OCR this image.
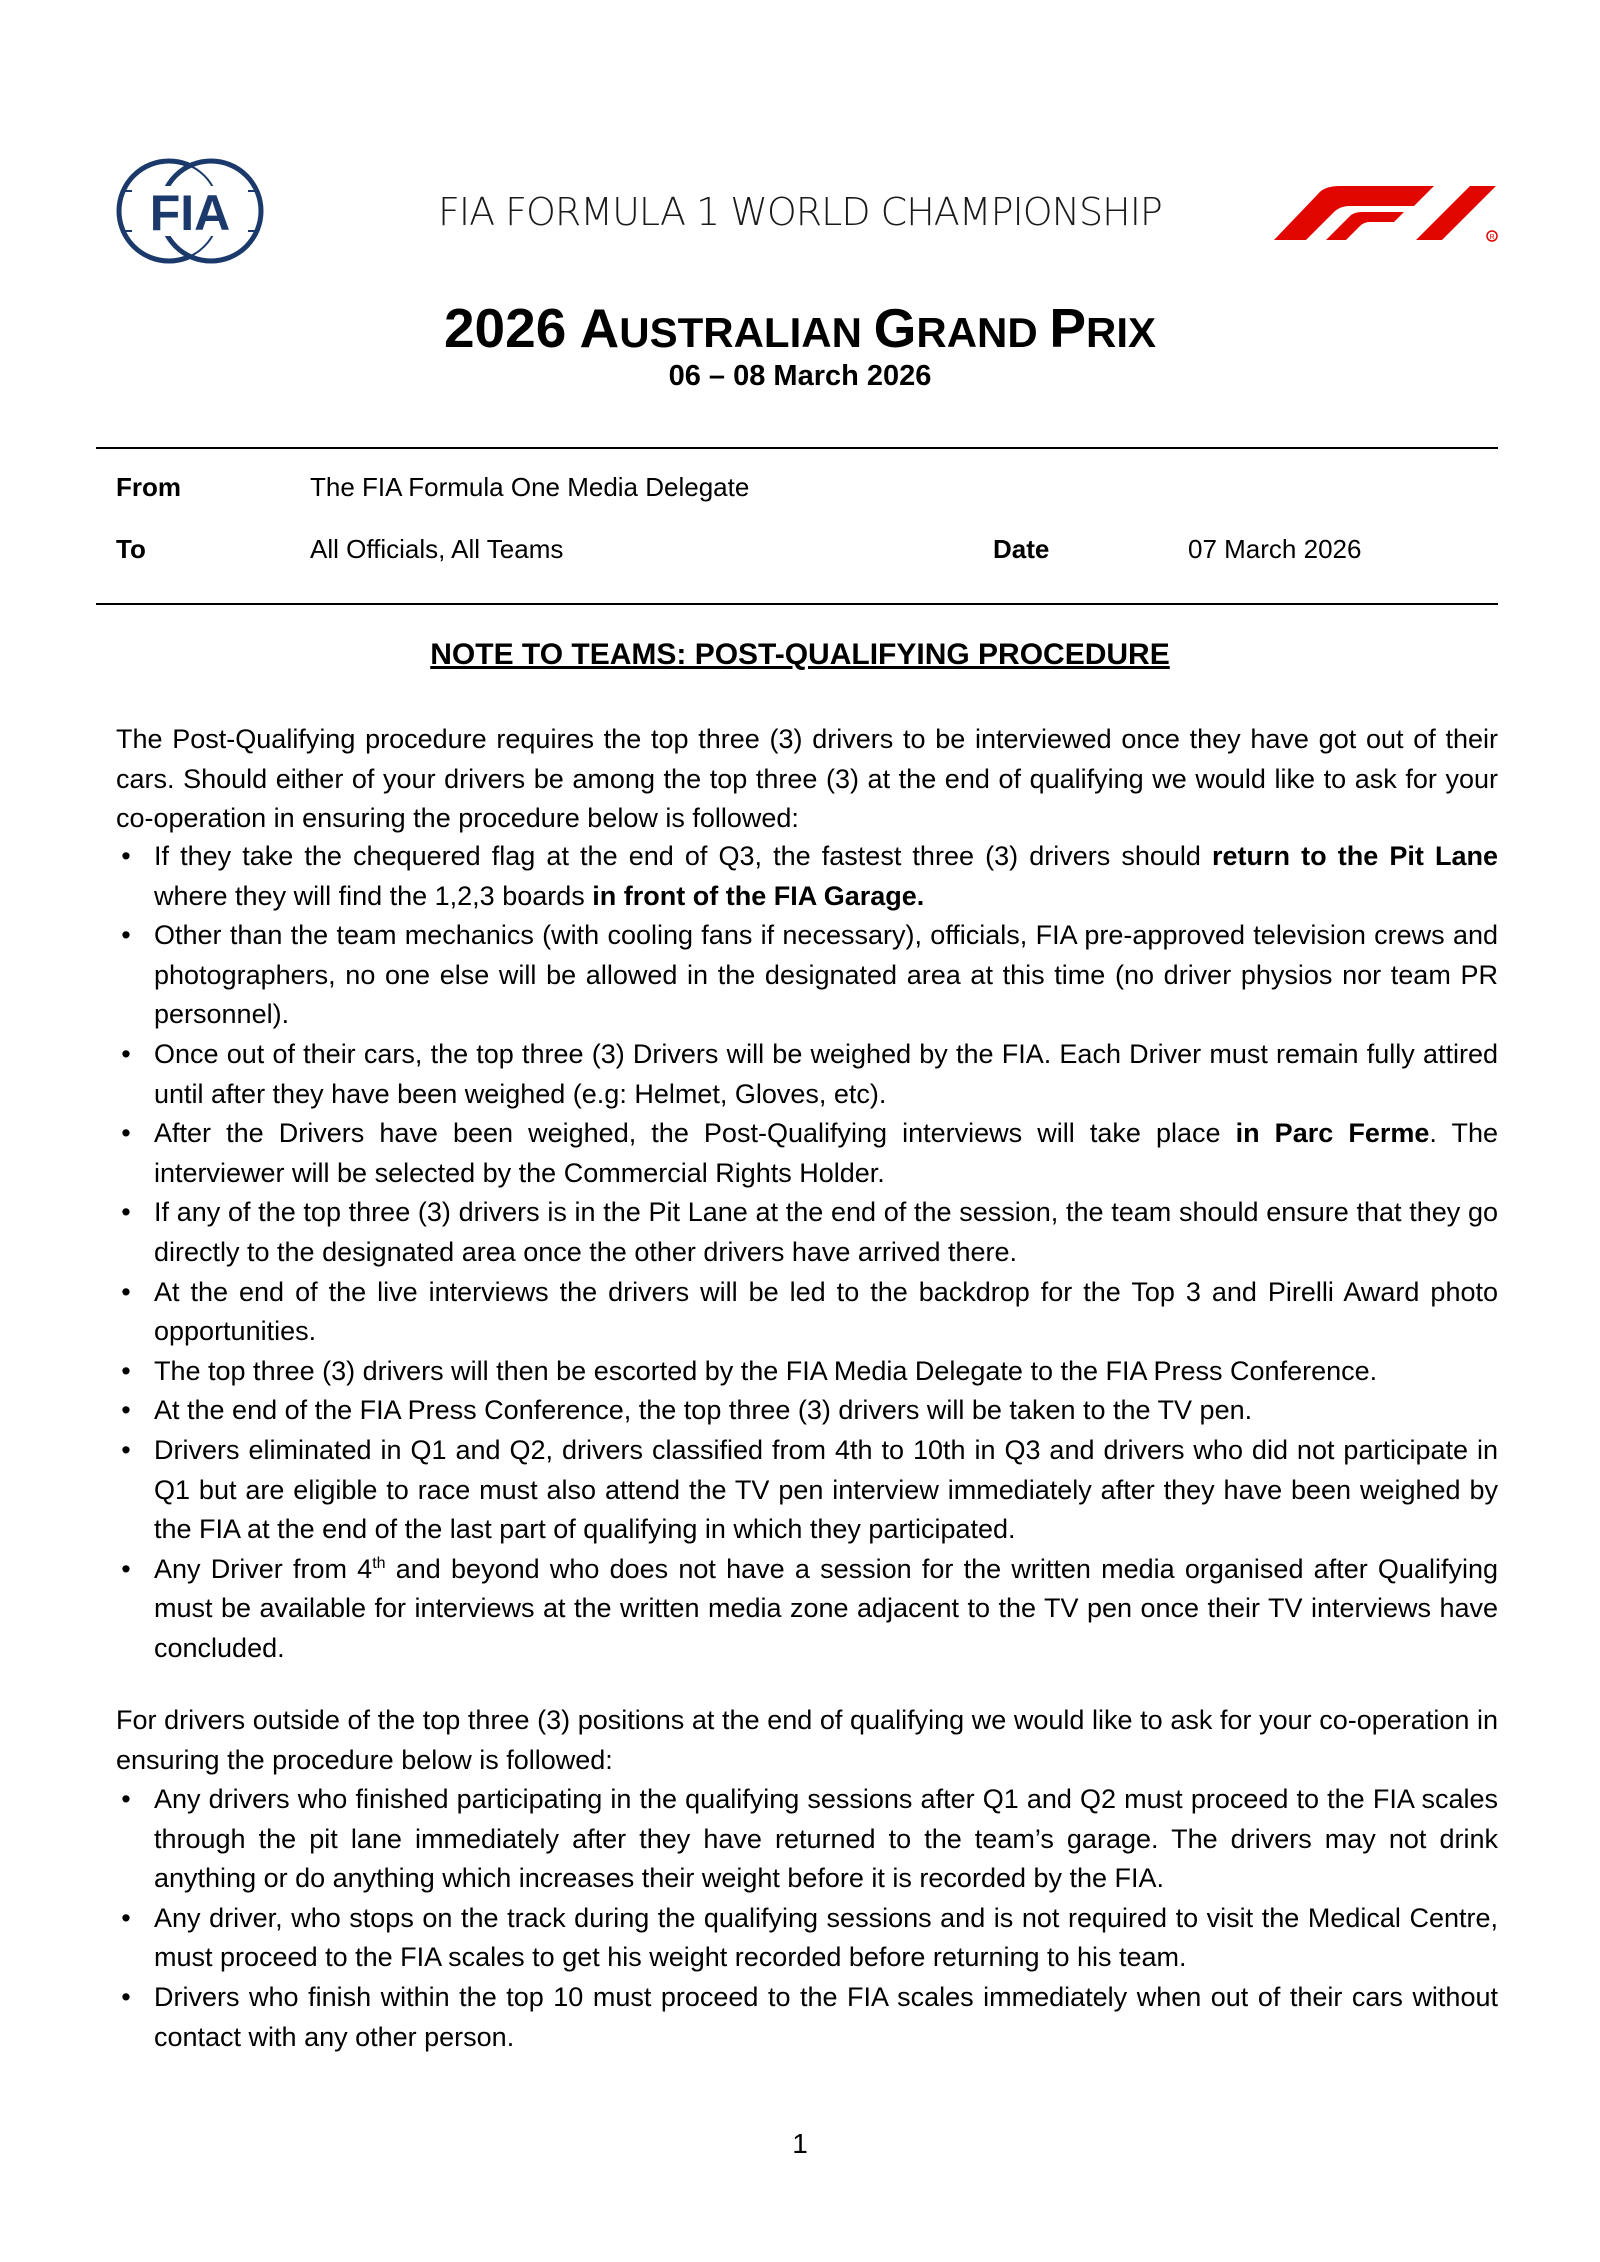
FIA	FIA FORMULA 1 WORLD CHAMPIONSHIP
R
2026 AUSTRALIAN GRAND PRIX
06 – 08 March 2026
From	The FIA Formula One Media Delegate
To	All Officials, All Teams	Date	07 March 2026
NOTE TO TEAMS: POST-QUALIFYING PROCEDURE
The Post-Qualifying procedure requires the top three (3) drivers to be interviewed once they have got out of their cars. Should either of your drivers be among the top three (3) at the end of qualifying we would like to ask for your co-operation in ensuring the procedure below is followed:
• If they take the chequered flag at the end of Q3, the fastest three (3) drivers should return to the Pit Lane where they will find the 1,2,3 boards in front of the FIA Garage.
• Other than the team mechanics (with cooling fans if necessary), officials, FIA pre-approved television crews and photographers, no one else will be allowed in the designated area at this time (no driver physios nor team PR personnel).
• Once out of their cars, the top three (3) Drivers will be weighed by the FIA. Each Driver must remain fully attired until after they have been weighed (e.g: Helmet, Gloves, etc).
• After the Drivers have been weighed, the Post-Qualifying interviews will take place in Parc Ferme. The interviewer will be selected by the Commercial Rights Holder.
• If any of the top three (3) drivers is in the Pit Lane at the end of the session, the team should ensure that they go directly to the designated area once the other drivers have arrived there.
• At the end of the live interviews the drivers will be led to the backdrop for the Top 3 and Pirelli Award photo opportunities.
• The top three (3) drivers will then be escorted by the FIA Media Delegate to the FIA Press Conference.
• At the end of the FIA Press Conference, the top three (3) drivers will be taken to the TV pen.
• Drivers eliminated in Q1 and Q2, drivers classified from 4th to 10th in Q3 and drivers who did not participate in Q1 but are eligible to race must also attend the TV pen interview immediately after they have been weighed by the FIA at the end of the last part of qualifying in which they participated.
• Any Driver from 4th and beyond who does not have a session for the written media organised after Qualifying must be available for interviews at the written media zone adjacent to the TV pen once their TV interviews have concluded.
For drivers outside of the top three (3) positions at the end of qualifying we would like to ask for your co-operation in ensuring the procedure below is followed:
• Any drivers who finished participating in the qualifying sessions after Q1 and Q2 must proceed to the FIA scales through the pit lane immediately after they have returned to the team’s garage. The drivers may not drink anything or do anything which increases their weight before it is recorded by the FIA.
• Any driver, who stops on the track during the qualifying sessions and is not required to visit the Medical Centre, must proceed to the FIA scales to get his weight recorded before returning to his team.
• Drivers who finish within the top 10 must proceed to the FIA scales immediately when out of their cars without contact with any other person.
1
